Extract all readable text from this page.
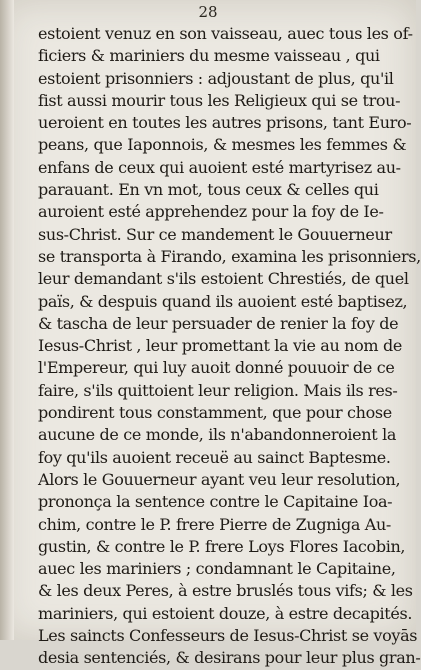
28

estoient venuz en son vaisseau, auec tous les of-
ficiers & mariniers du mesme vaisseau , qui
estoient prisonniers : adjoustant de plus, qu'il
fist aussi mourir tous les Religieux qui se trou-
ueroient en toutes les autres prisons, tant Euro-
peans, que Iaponnois, & mesmes les femmes &
enfans de ceux qui auoient esté martyrisez au-
parauant. En vn mot, tous ceux & celles qui
auroient esté apprehendez pour la foy de Ie-
sus-Christ. Sur ce mandement le Gouuerneur
se transporta à Firando, examina les prisonniers,
leur demandant s'ils estoient Chrestiés, de quel
païs, & despuis quand ils auoient esté baptisez,
& tascha de leur persuader de renier la foy de
Iesus-Christ , leur promettant la vie au nom de
l'Empereur, qui luy auoit donné pouuoir de ce
faire, s'ils quittoient leur religion. Mais ils res-
pondirent tous constamment, que pour chose
aucune de ce monde, ils n'abandonneroient la
foy qu'ils auoient receuë au sainct Baptesme.
Alors le Gouuerneur ayant veu leur resolution,
prononça la sentence contre le Capitaine Ioa-
chim, contre le P. frere Pierre de Zugniga Au-
gustin, & contre le P. frere Loys Flores Iacobin,
auec les mariniers ; condamnant le Capitaine,
& les deux Peres, à estre bruslés tous vifs; & les
mariniers, qui estoient douze, à estre decapités.
Les saincts Confesseurs de Iesus-Christ se voyās
desia sentenciés, & desirans pour leur plus gran-
